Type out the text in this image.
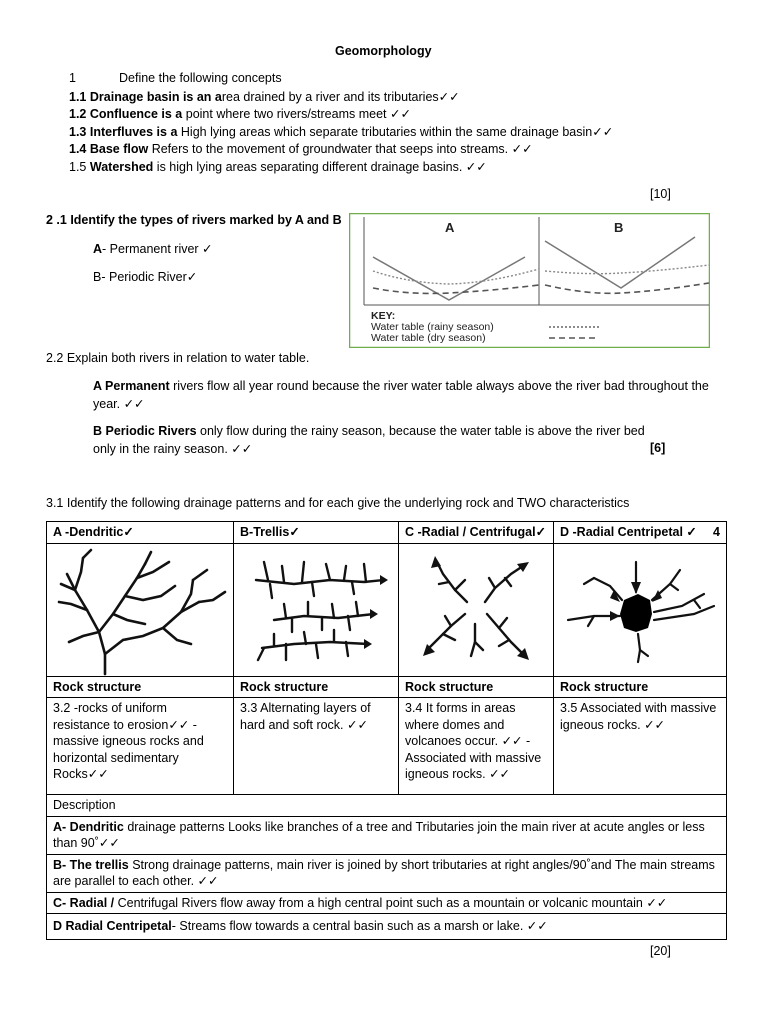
Geomorphology
1	Define the following concepts
1.1 Drainage basin is an area drained by a river and its tributaries✓✓
1.2 Confluence is a point where two rivers/streams meet ✓✓
1.3 Interfluves is a High lying areas which separate tributaries within the same drainage basin✓✓
1.4 Base flow Refers to the movement of groundwater that seeps into streams. ✓✓
1.5 Watershed is high lying areas separating different drainage basins. ✓✓
[10]
2 .1 Identify the types of rivers marked by A and B
A- Permanent river ✓
B- Periodic River✓
A	B
KEY:
Water table (rainy season)
Water table (dry season)
2.2 Explain both rivers in relation to water table.
A Permanent rivers flow all year round because the river water table always above the river bad throughout the year. ✓✓
B Periodic Rivers only flow during the rainy season, because the water table is above the river bed only in the rainy season. ✓✓	[6]
3.1 Identify the following drainage patterns and for each give the underlying rock and TWO characteristics
A -Dendritic✓	B-Trellis✓	C -Radial / Centrifugal✓	D -Radial Centripetal ✓ 4

Rock structure	Rock structure	Rock structure	Rock structure
3.2 -rocks of uniform resistance to erosion✓✓ - massive igneous rocks and horizontal sedimentary Rocks✓✓	3.3 Alternating layers of hard and soft rock. ✓✓	3.4 It forms in areas where domes and volcanoes occur. ✓✓ -Associated with massive igneous rocks. ✓✓	3.5 Associated with massive igneous rocks. ✓✓
Description			
A- Dendritic drainage patterns Looks like branches of a tree and Tributaries join the main river at acute angles or less than 90˚✓✓			
B- The trellis Strong drainage patterns, main river is joined by short tributaries at right angles/90˚and The main streams are parallel to each other. ✓✓			
C- Radial / Centrifugal Rivers flow away from a high central point such as a mountain or volcanic mountain ✓✓			
D Radial Centripetal- Streams flow towards a central basin such as a marsh or lake. ✓✓			
[20]
